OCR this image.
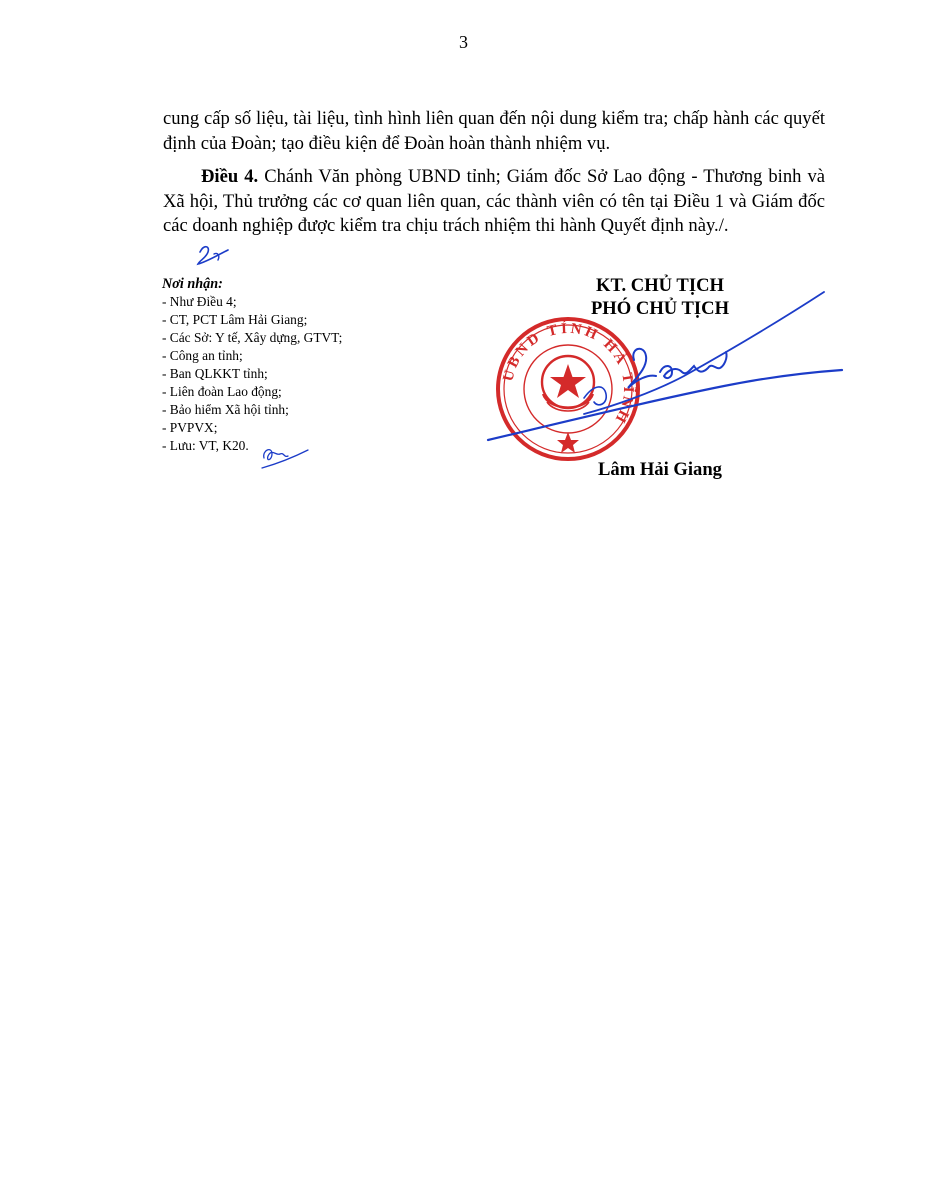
3

cung cấp số liệu, tài liệu, tình hình liên quan đến nội dung kiểm tra; chấp hành các quyết định của Đoàn; tạo điều kiện để Đoàn hoàn thành nhiệm vụ.

Điều 4. Chánh Văn phòng UBND tỉnh; Giám đốc Sở Lao động - Thương binh và Xã hội, Thủ trưởng các cơ quan liên quan, các thành viên có tên tại Điều 1 và Giám đốc các doanh nghiệp được kiểm tra chịu trách nhiệm thi hành Quyết định này./.

Nơi nhận:
- Như Điều 4;
- CT, PCT Lâm Hải Giang;
- Các Sở: Y tế, Xây dựng, GTVT;
- Công an tỉnh;
- Ban QLKKT tỉnh;
- Liên đoàn Lao động;
- Bảo hiểm Xã hội tỉnh;
- PVPVX;
- Lưu: VT, K20.
KT. CHỦ TỊCH
PHÓ CHỦ TỊCH
UBND TỈNH HÀ TĨNH
Lâm Hải Giang
